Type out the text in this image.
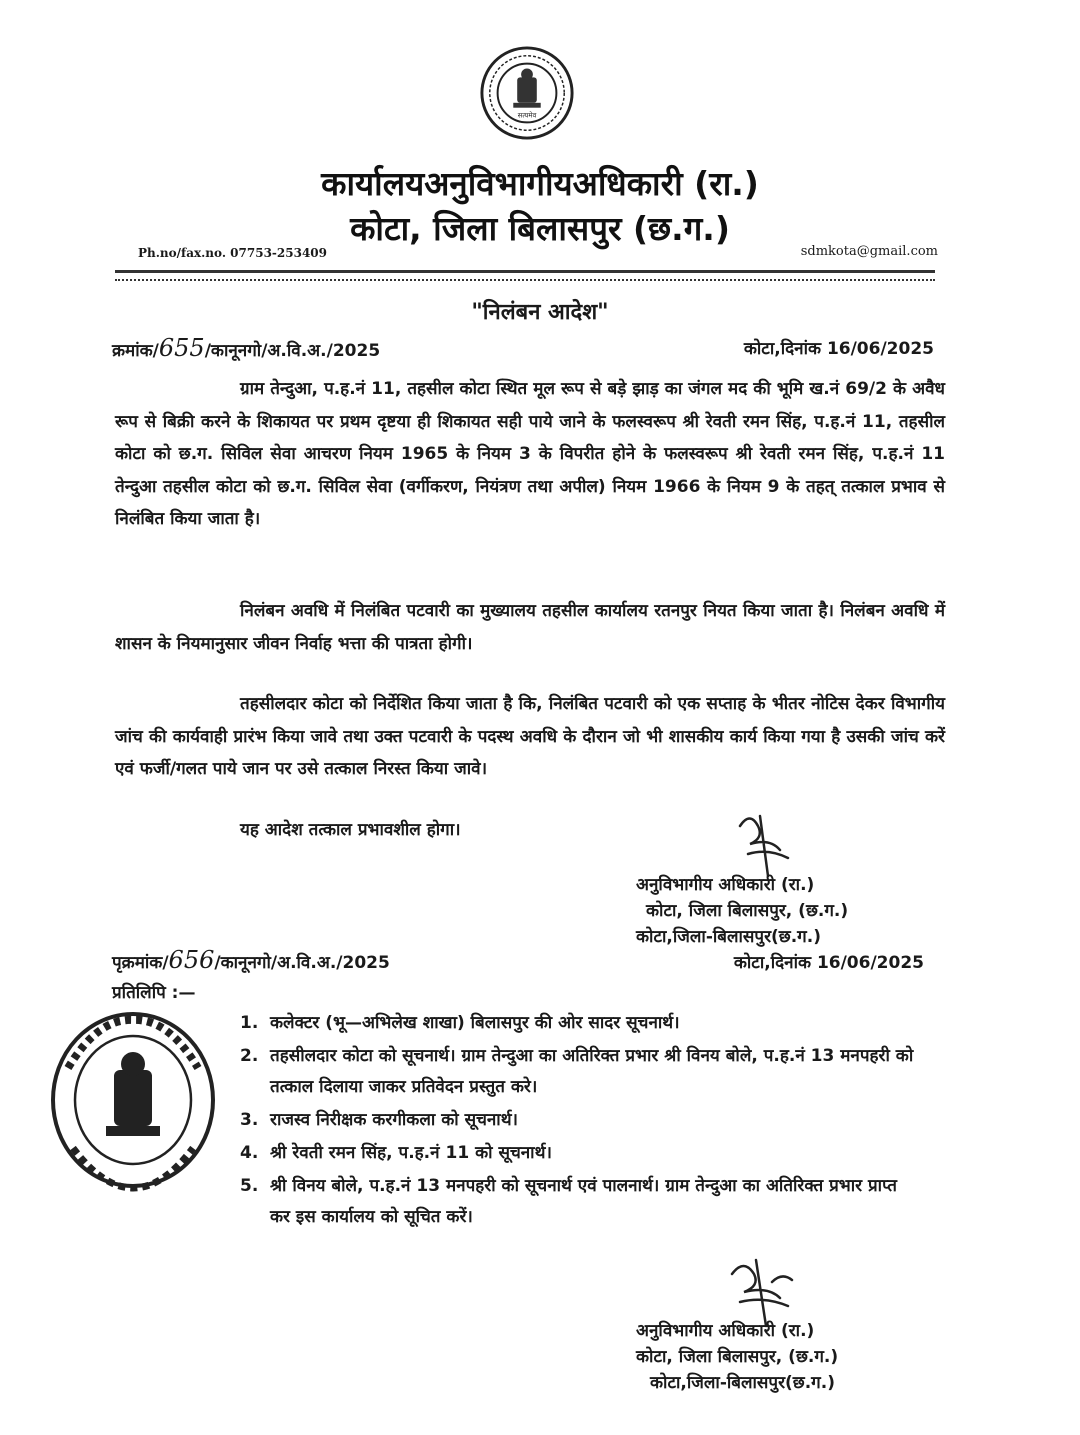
सत्यमेव
कार्यालयअनुविभागीयअधिकारी (रा.)
कोटा, जिला बिलासपुर (छ.ग.)
Ph.no/fax.no. 07753-253409	sdmkota@gmail.com
"निलंबन आदेश"
क्रमांक/655/कानूनगो/अ.वि.अ./2025	कोटा,दिनांक 16/06/2025
ग्राम तेन्दुआ, प.ह.नं 11, तहसील कोटा स्थित मूल रूप से बड़े झाड़ का जंगल मद की भूमि ख.नं 69/2 के अवैध रूप से बिक्री करने के शिकायत पर प्रथम दृष्टया ही शिकायत सही पाये जाने के फलस्वरूप श्री रेवती रमन सिंह, प.ह.नं 11, तहसील कोटा को छ.ग. सिविल सेवा आचरण नियम 1965 के नियम 3 के विपरीत होने के फलस्वरूप श्री रेवती रमन सिंह, प.ह.नं 11 तेन्दुआ तहसील कोटा को छ.ग. सिविल सेवा (वर्गीकरण, नियंत्रण तथा अपील) नियम 1966 के नियम 9 के तहत् तत्काल प्रभाव से निलंबित किया जाता है।
निलंबन अवधि में निलंबित पटवारी का मुख्यालय तहसील कार्यालय रतनपुर नियत किया जाता है। निलंबन अवधि में शासन के नियमानुसार जीवन निर्वाह भत्ता की पात्रता होगी।
तहसीलदार कोटा को निर्देशित किया जाता है कि, निलंबित पटवारी को एक सप्ताह के भीतर नोटिस देकर विभागीय जांच की कार्यवाही प्रारंभ किया जावे तथा उक्त पटवारी के पदस्थ अवधि के दौरान जो भी शासकीय कार्य किया गया है उसकी जांच करें एवं फर्जी/गलत पाये जान पर उसे तत्काल निरस्त किया जावे।
यह आदेश तत्काल प्रभावशील होगा।
अनुविभागीय अधिकारी (रा.)
कोटा, जिला बिलासपुर, (छ.ग.)
कोटा,जिला-बिलासपुर(छ.ग.)
पृक्रमांक/656/कानूनगो/अ.वि.अ./2025	कोटा,दिनांक 16/06/2025
प्रतिलिपि :—
1. कलेक्टर (भू—अभिलेख शाखा) बिलासपुर की ओर सादर सूचनार्थ।
2. तहसीलदार कोटा को सूचनार्थ। ग्राम तेन्दुआ का अतिरिक्त प्रभार श्री विनय बोले, प.ह.नं 13 मनपहरी को तत्काल दिलाया जाकर प्रतिवेदन प्रस्तुत करे।
3. राजस्व निरीक्षक करगीकला को सूचनार्थ।
4. श्री रेवती रमन सिंह, प.ह.नं 11 को सूचनार्थ।
5. श्री विनय बोले, प.ह.नं 13 मनपहरी को सूचनार्थ एवं पालनार्थ। ग्राम तेन्दुआ का अतिरिक्त प्रभार प्राप्त कर इस कार्यालय को सूचित करें।
अनुविभागीय अधिकारी (रा.)
कोटा, जिला बिलासपुर, (छ.ग.)
कोटा,जिला-बिलासपुर(छ.ग.)
